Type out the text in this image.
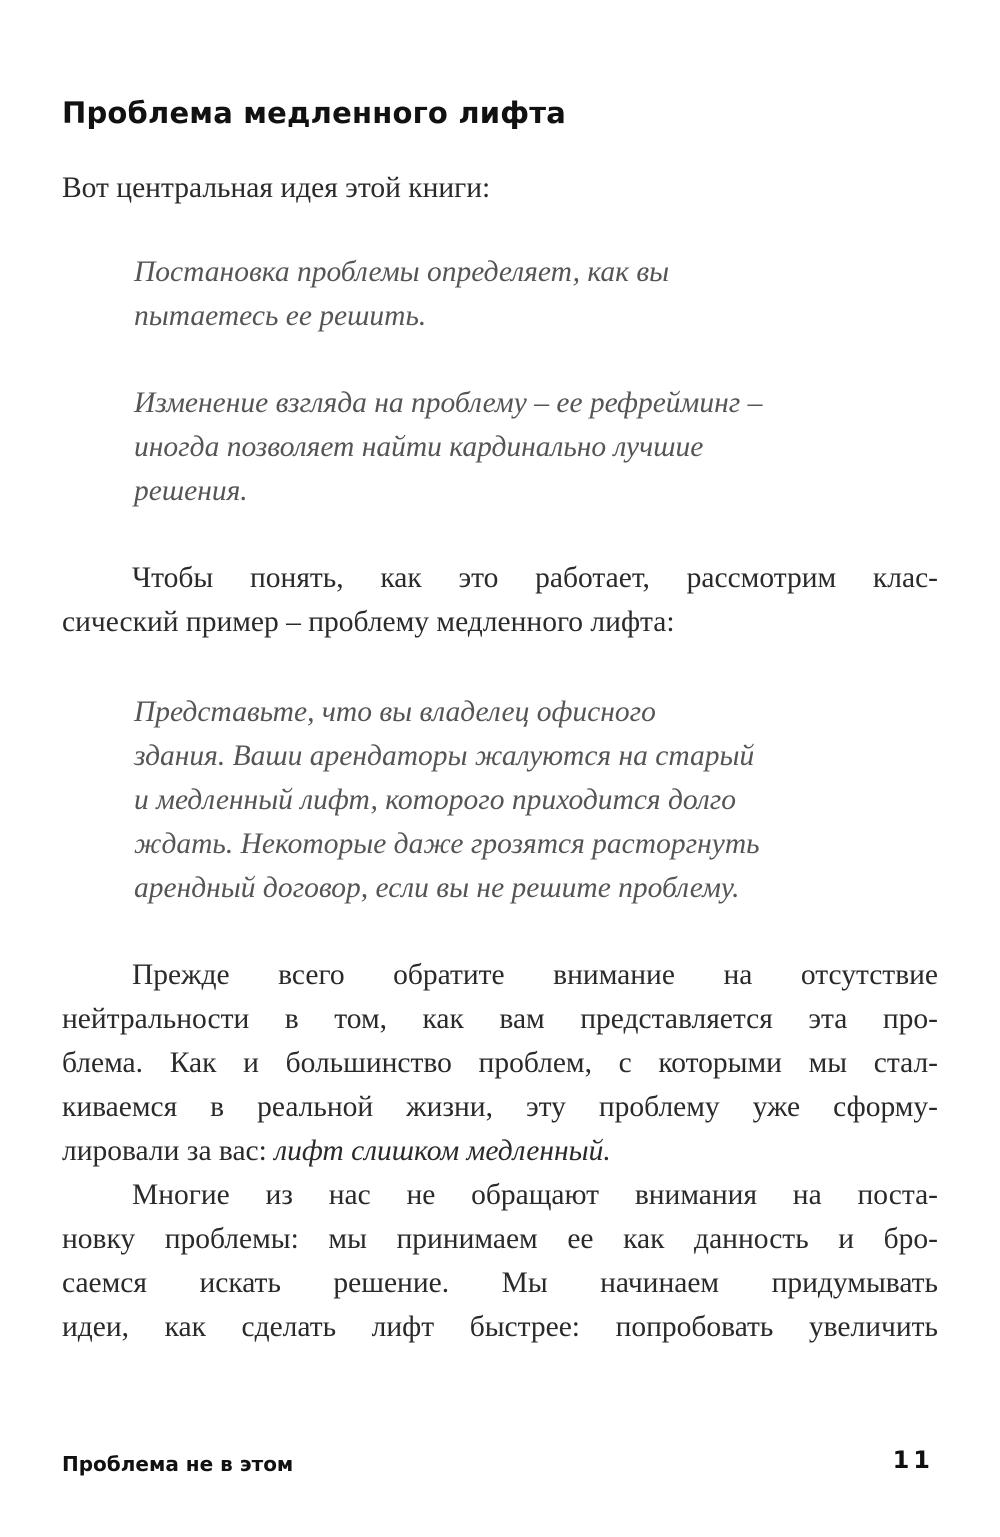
Проблема медленного лифта
Вот центральная идея этой книги:
Постановка проблемы определяет, как вы
пытаетесь ее решить.
Изменение взгляда на проблему – ее рефрейминг –
иногда позволяет найти кардинально лучшие
решения.
Чтобы понять, как это работает, рассмотрим клас-
сический пример – проблему медленного лифта:
Представьте, что вы владелец офисного
здания. Ваши арендаторы жалуются на старый
и медленный лифт, которого приходится долго
ждать. Некоторые даже грозятся расторгнуть
арендный договор, если вы не решите проблему.
Прежде всего обратите внимание на отсутствие
нейтральности в том, как вам представляется эта про-
блема. Как и большинство проблем, с которыми мы стал-
киваемся в реальной жизни, эту проблему уже сформу-
лировали за вас: лифт слишком медленный.
Многие из нас не обращают внимания на поста-
новку проблемы: мы принимаем ее как данность и бро-
саемся искать решение. Мы начинаем придумывать
идеи, как сделать лифт быстрее: попробовать увеличить
Проблема не в этом	11
